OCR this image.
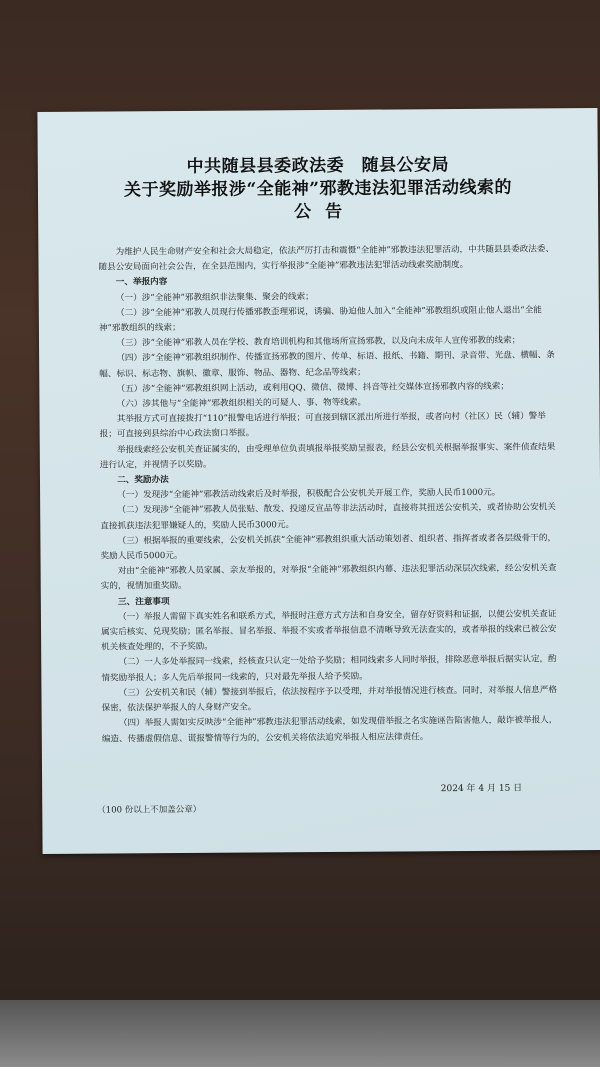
中共随县县委政法委　随县公安局
关于奖励举报涉“全能神”邪教违法犯罪活动线索的
公告

为维护人民生命财产安全和社会大局稳定，依法严厉打击和震慑“全能神”邪教违法犯罪活动，中共随县县委政法委、随县公安局面向社会公告，在全县范围内，实行举报涉“全能神”邪教违法犯罪活动线索奖励制度。

一、举报内容

（一）涉“全能神”邪教组织非法聚集、聚会的线索；

（二）涉“全能神”邪教人员现行传播邪教歪理邪说，诱骗、胁迫他人加入“全能神”邪教组织或阻止他人退出“全能神”邪教组织的线索；

（三）涉“全能神”邪教人员在学校、教育培训机构和其他场所宣扬邪教，以及向未成年人宣传邪教的线索；

（四）涉“全能神”邪教组织制作、传播宣扬邪教的图片、传单、标语、报纸、书籍、期刊、录音带、光盘、横幅、条幅、标识、标志物、旗帜、徽章、服饰、物品、器物、纪念品等线索；

（五）涉“全能神”邪教组织网上活动，或利用QQ、微信、微博、抖音等社交媒体宣扬邪教内容的线索；

（六）涉其他与“全能神”邪教组织相关的可疑人、事、物等线索。

其举报方式可直接拨打“110”报警电话进行举报；可直接到辖区派出所进行举报，或者向村（社区）民（辅）警举报；可直接到县综治中心政法窗口举报。

举报线索经公安机关查证属实的，由受理单位负责填报举报奖励呈报表，经县公安机关根据举报事实、案件侦查结果进行认定，并视情予以奖励。

二、奖励办法

（一）发现涉“全能神”邪教活动线索后及时举报，积极配合公安机关开展工作，奖励人民币1000元。

（二）发现涉“全能神”邪教人员张贴、散发、投递反宣品等非法活动时，直接将其扭送公安机关，或者协助公安机关直接抓获违法犯罪嫌疑人的，奖励人民币3000元。

（三）根据举报的重要线索，公安机关抓获“全能神”邪教组织重大活动策划者、组织者、指挥者或者各层级骨干的，奖励人民币5000元。

对由“全能神”邪教人员家属、亲友举报的，对举报“全能神”邪教组织内幕、违法犯罪活动深层次线索，经公安机关查实的，视情加重奖励。

三、注意事项

（一）举报人需留下真实姓名和联系方式，举报时注意方式方法和自身安全，留存好资料和证据，以便公安机关查证属实后核实、兑现奖励；匿名举报、冒名举报、举报不实或者举报信息不清晰导致无法查实的，或者举报的线索已被公安机关核查处理的，不予奖励。

（二）一人多处举报同一线索，经核查只认定一处给予奖励；相同线索多人同时举报，排除恶意举报后据实认定，酌情奖励举报人；多人先后举报同一线索的，只对最先举报人给予奖励。

（三）公安机关和民（辅）警接到举报后，依法按程序予以受理，并对举报情况进行核查。同时，对举报人信息严格保密，依法保护举报人的人身财产安全。

（四）举报人需如实反映涉“全能神”邪教违法犯罪活动线索，如发现借举报之名实施诬告陷害他人，敲诈被举报人，编造、传播虚假信息、谎报警情等行为的，公安机关将依法追究举报人相应法律责任。

2024 年 4 月 15 日
（100 份以上不加盖公章）
